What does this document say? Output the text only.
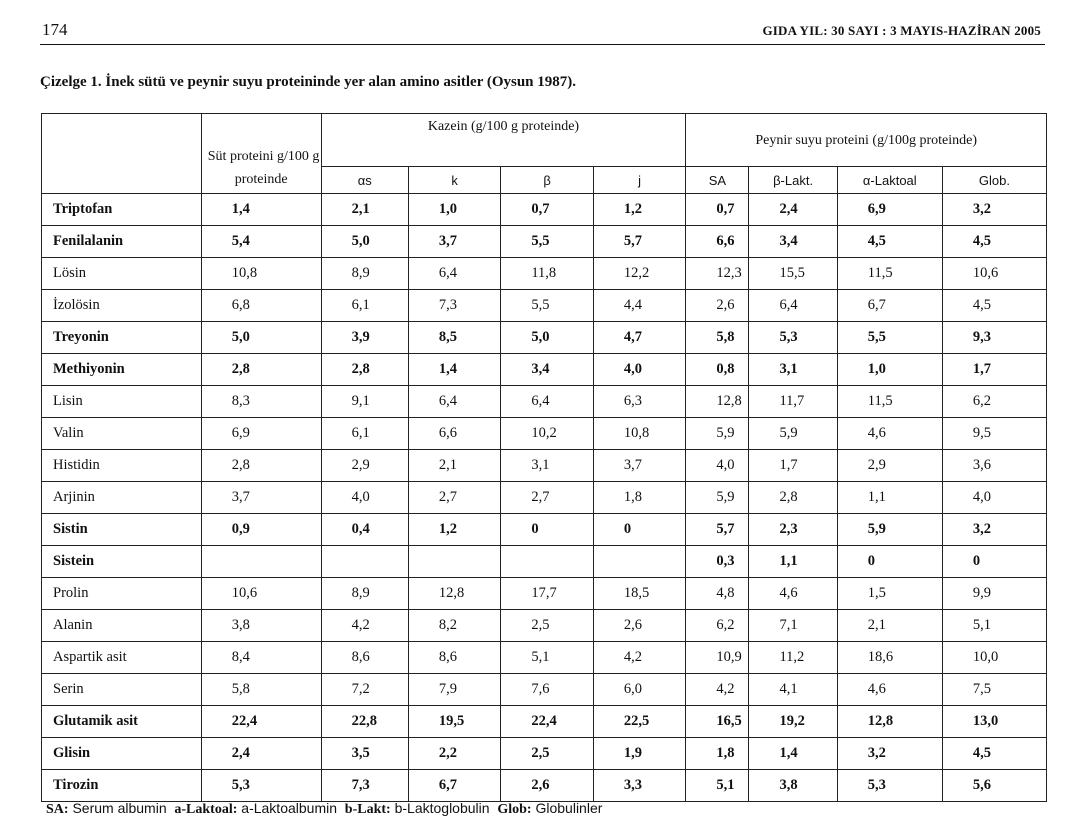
174	GIDA YIL: 30 SAYI : 3 MAYIS-HAZİRAN 2005
Çizelge 1. İnek sütü ve peynir suyu proteininde yer alan amino asitler (Oysun 1987).
	Süt proteini g/100 g	Kazein (g/100 g proteinde)				Peynir suyu proteini (g/100g proteinde)			
	proteinde	αs	k	β	j	SA	β-Lakt.	α-Laktoal	Glob.
Triptofan	1,4	2,1	1,0	0,7	1,2	0,7	2,4	6,9	3,2
Fenilalanin	5,4	5,0	3,7	5,5	5,7	6,6	3,4	4,5	4,5
Lösin	10,8	8,9	6,4	11,8	12,2	12,3	15,5	11,5	10,6
İzolösin	6,8	6,1	7,3	5,5	4,4	2,6	6,4	6,7	4,5
Treyonin	5,0	3,9	8,5	5,0	4,7	5,8	5,3	5,5	9,3
Methiyonin	2,8	2,8	1,4	3,4	4,0	0,8	3,1	1,0	1,7
Lisin	8,3	9,1	6,4	6,4	6,3	12,8	11,7	11,5	6,2
Valin	6,9	6,1	6,6	10,2	10,8	5,9	5,9	4,6	9,5
Histidin	2,8	2,9	2,1	3,1	3,7	4,0	1,7	2,9	3,6
Arjinin	3,7	4,0	2,7	2,7	1,8	5,9	2,8	1,1	4,0
Sistin	0,9	0,4	1,2	0	0	5,7	2,3	5,9	3,2
Sistein						0,3	1,1	0	0
Prolin	10,6	8,9	12,8	17,7	18,5	4,8	4,6	1,5	9,9
Alanin	3,8	4,2	8,2	2,5	2,6	6,2	7,1	2,1	5,1
Aspartik asit	8,4	8,6	8,6	5,1	4,2	10,9	11,2	18,6	10,0
Serin	5,8	7,2	7,9	7,6	6,0	4,2	4,1	4,6	7,5
Glutamik asit	22,4	22,8	19,5	22,4	22,5	16,5	19,2	12,8	13,0
Glisin	2,4	3,5	2,2	2,5	1,9	1,8	1,4	3,2	4,5
Tirozin	5,3	7,3	6,7	2,6	3,3	5,1	3,8	5,3	5,6
SA: Serum albumin a-Laktoal: a-Laktoalbumin b-Lakt: b-Laktoglobulin Glob: Globulinler
